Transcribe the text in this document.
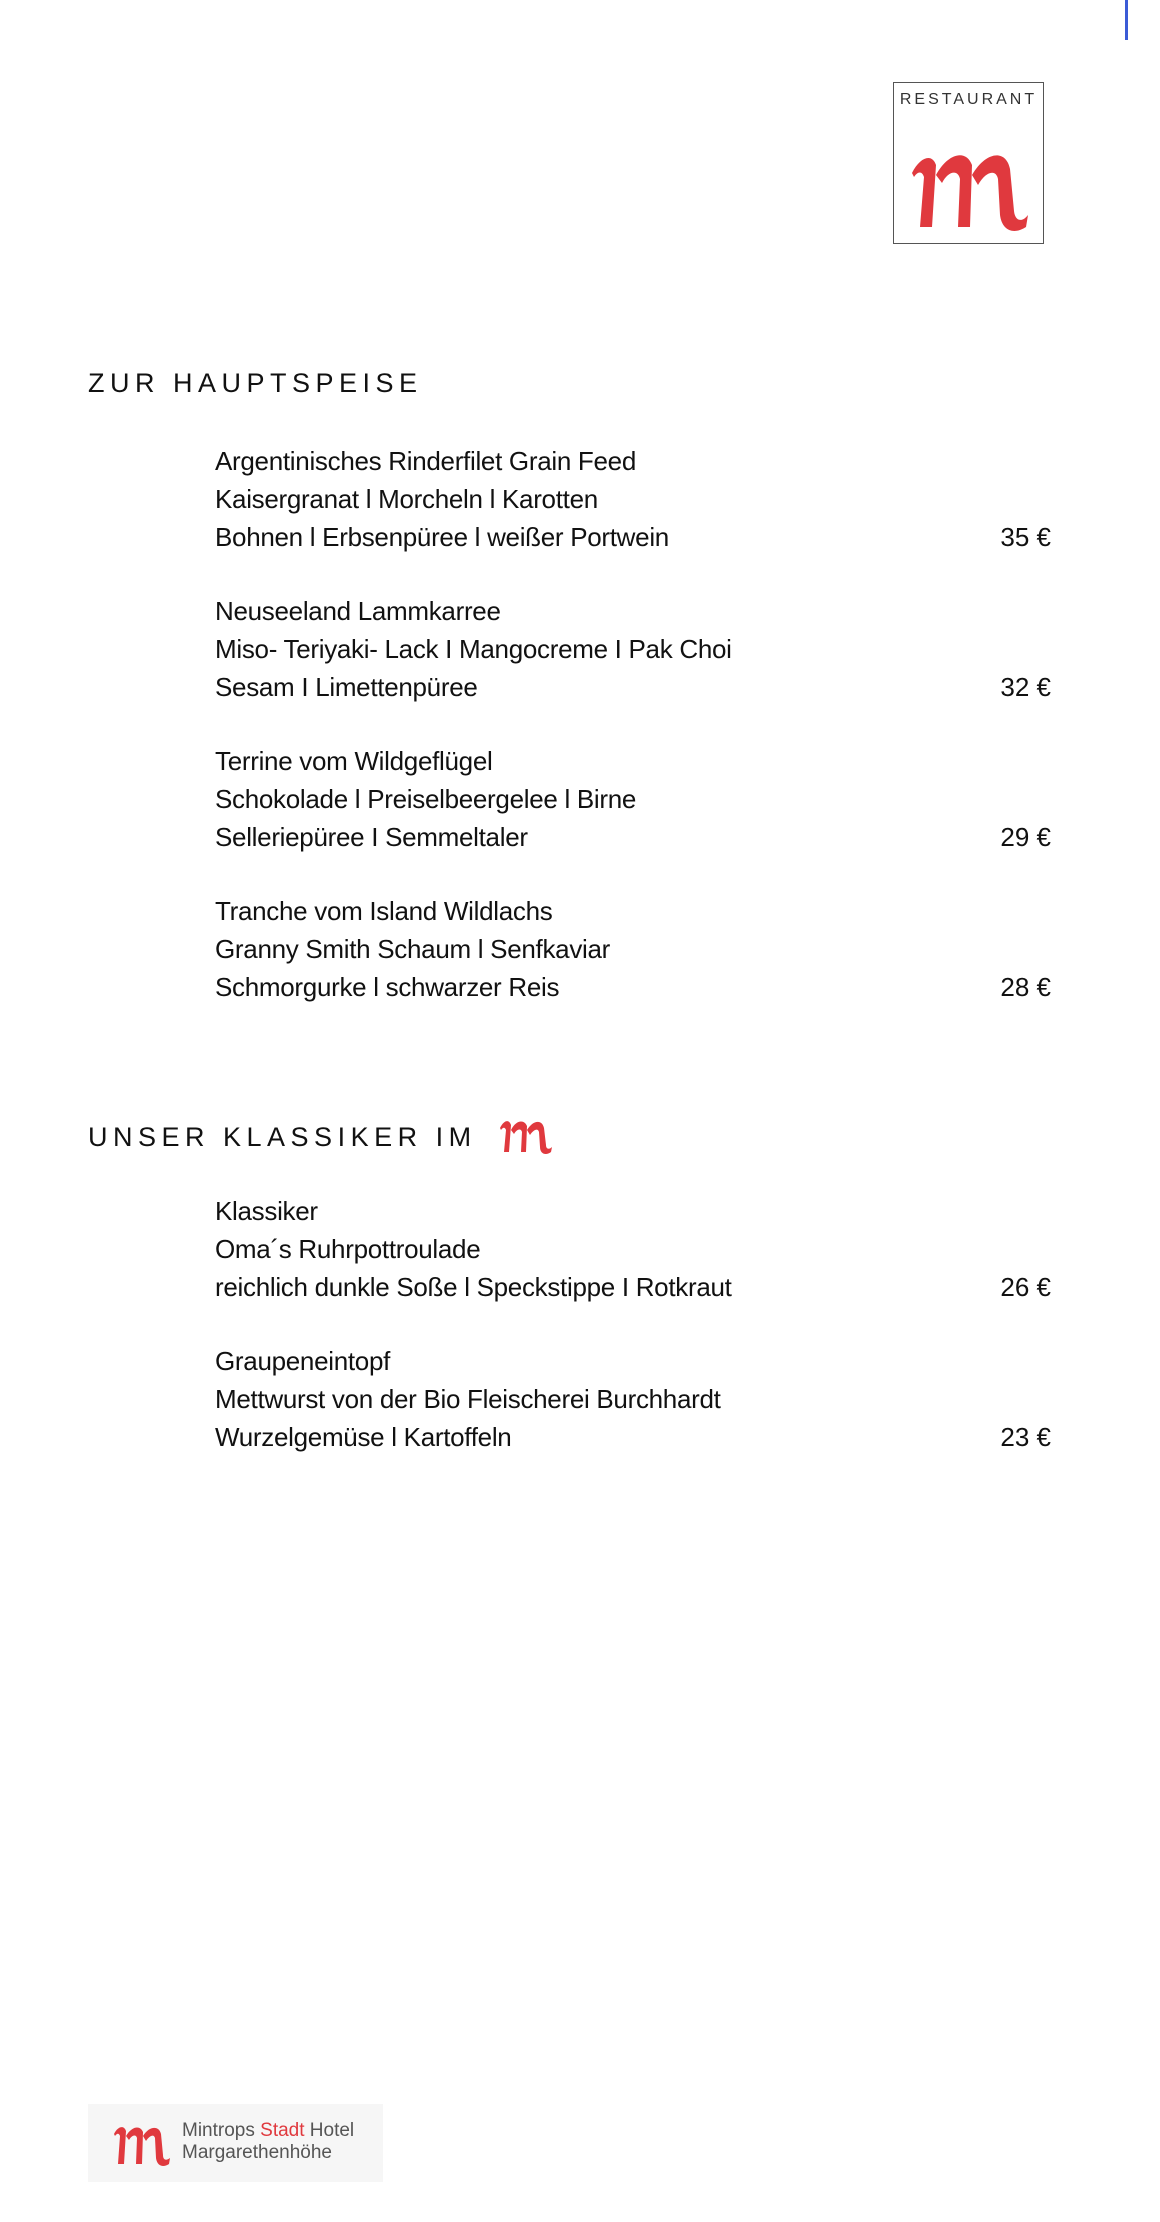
RESTAURANT
ZUR HAUPTSPEISE
Argentinisches Rinderfilet Grain Feed
Kaisergranat l Morcheln l Karotten
Bohnen l Erbsenpüree l weißer Portwein	35 €
Neuseeland Lammkarree
Miso- Teriyaki- Lack I Mangocreme I Pak Choi
Sesam I Limettenpüree	32 €
Terrine vom Wildgeflügel
Schokolade l Preiselbeergelee l Birne
Selleriepüree I Semmeltaler	29 €
Tranche vom Island Wildlachs
Granny Smith Schaum l Senfkaviar
Schmorgurke l schwarzer Reis	28 €
UNSER KLASSIKER IM
Klassiker
Oma´s Ruhrpottroulade
reichlich dunkle Soße l Speckstippe I Rotkraut	26 €
Graupeneintopf
Mettwurst von der Bio Fleischerei Burchhardt
Wurzelgemüse l Kartoffeln	23 €
Mintrops Stadt Hotel
Margarethenhöhe
